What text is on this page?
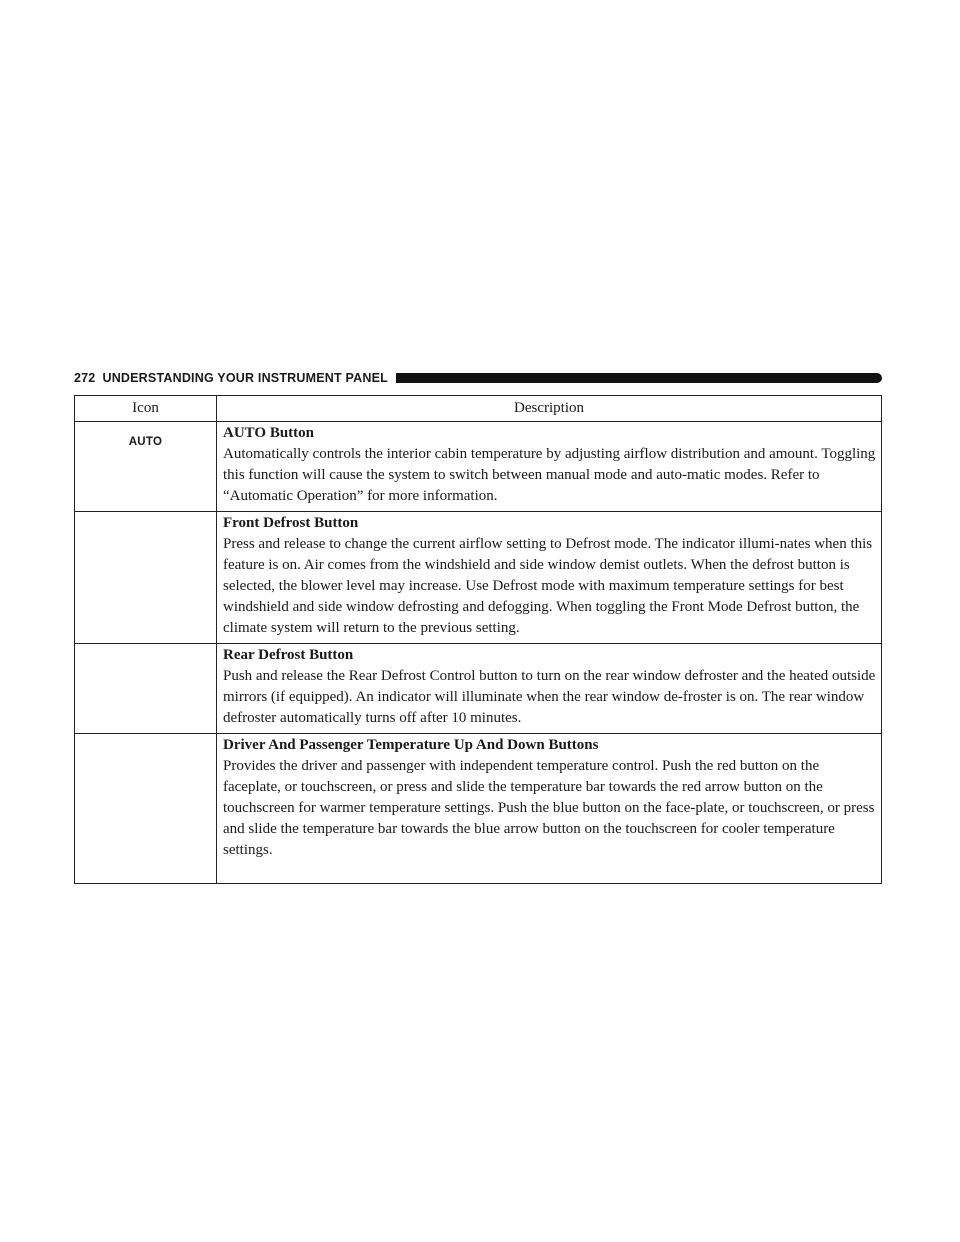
272 UNDERSTANDING YOUR INSTRUMENT PANEL
Icon	Description
AUTO	AUTO Button
Automatically controls the interior cabin temperature by adjusting airflow distribution and amount. Toggling this function will cause the system to switch between manual mode and auto-matic modes. Refer to “Automatic Operation” for more information.

	Front Defrost Button
Press and release to change the current airflow setting to Defrost mode. The indicator illumi-nates when this feature is on. Air comes from the windshield and side window demist outlets. When the defrost button is selected, the blower level may increase. Use Defrost mode with maximum temperature settings for best windshield and side window defrosting and defogging. When toggling the Front Mode Defrost button, the climate system will return to the previous setting.

	Rear Defrost Button
Push and release the Rear Defrost Control button to turn on the rear window defroster and the heated outside mirrors (if equipped). An indicator will illuminate when the rear window de-froster is on. The rear window defroster automatically turns off after 10 minutes.

	Driver And Passenger Temperature Up And Down Buttons
Provides the driver and passenger with independent temperature control. Push the red button on the faceplate, or touchscreen, or press and slide the temperature bar towards the red arrow button on the touchscreen for warmer temperature settings. Push the blue button on the face-plate, or touchscreen, or press and slide the temperature bar towards the blue arrow button on the touchscreen for cooler temperature settings.
